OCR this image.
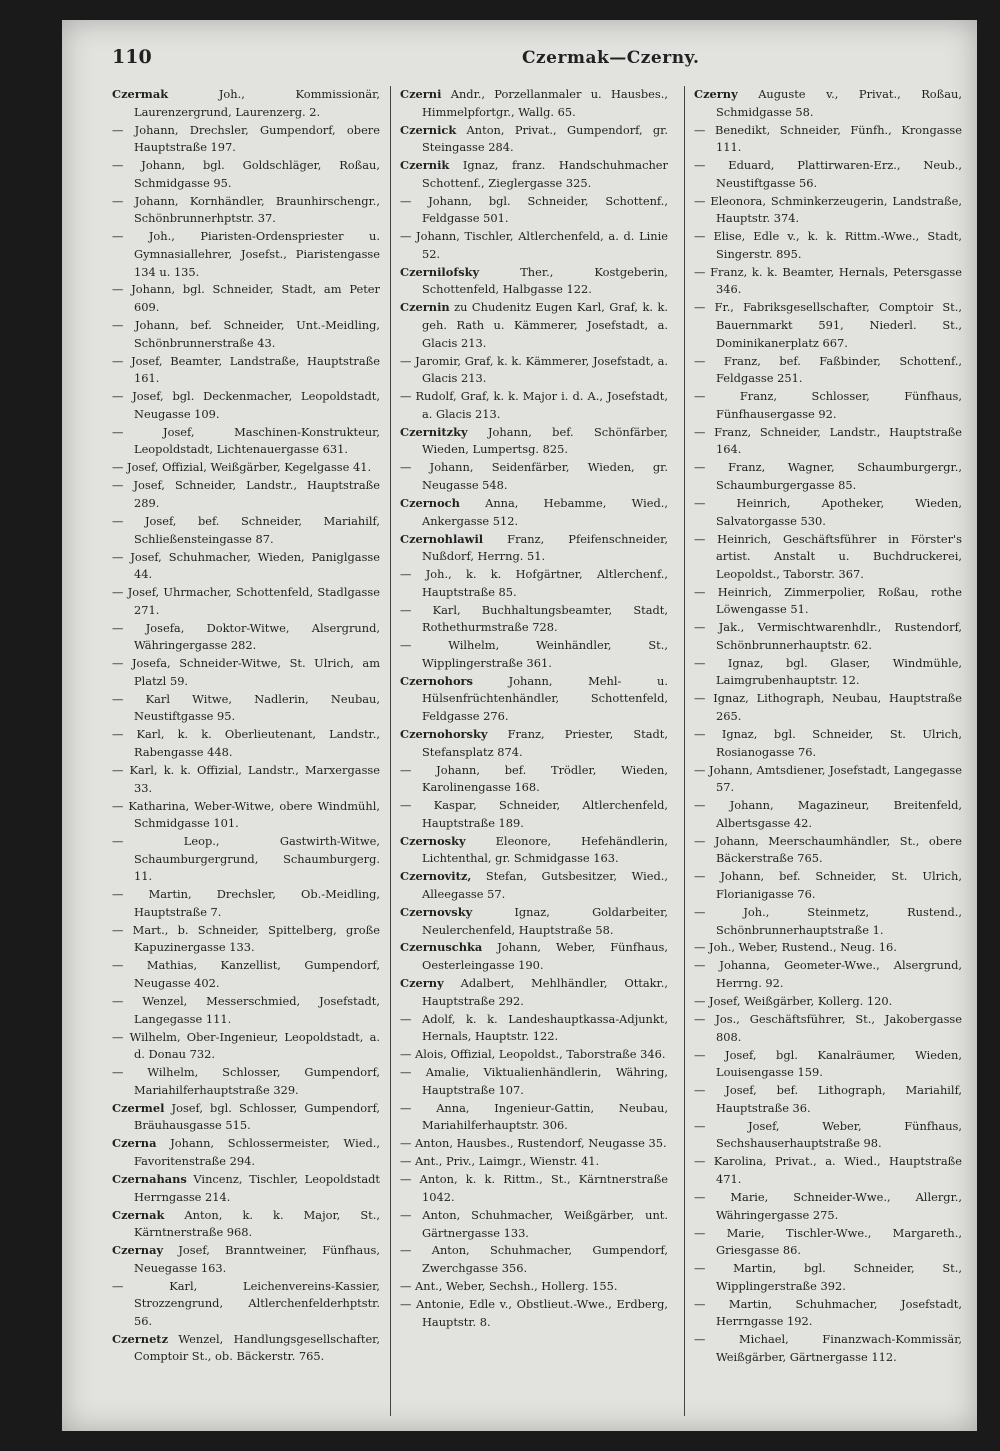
110	Czermak—Czerny.
Czermak Joh., Kommissionär, Laurenzergrund, Laurenzerg. 2.
— Johann, Drechsler, Gumpendorf, obere Hauptstraße 197.
— Johann, bgl. Goldschläger, Roßau, Schmidgasse 95.
— Johann, Kornhändler, Braunhirschengr., Schönbrunnerhptstr. 37.
— Joh., Piaristen-Ordenspriester u. Gymnasiallehrer, Josefst., Piaristengasse 134 u. 135.
— Johann, bgl. Schneider, Stadt, am Peter 609.
— Johann, bef. Schneider, Unt.-Meidling, Schönbrunnerstraße 43.
— Josef, Beamter, Landstraße, Hauptstraße 161.
— Josef, bgl. Deckenmacher, Leopoldstadt, Neugasse 109.
— Josef, Maschinen-Konstrukteur, Leopoldstadt, Lichtenauergasse 631.
— Josef, Offizial, Weißgärber, Kegelgasse 41.
— Josef, Schneider, Landstr., Hauptstraße 289.
— Josef, bef. Schneider, Mariahilf, Schließensteingasse 87.
— Josef, Schuhmacher, Wieden, Paniglgasse 44.
— Josef, Uhrmacher, Schottenfeld, Stadlgasse 271.
— Josefa, Doktor-Witwe, Alsergrund, Währingergasse 282.
— Josefa, Schneider-Witwe, St. Ulrich, am Platzl 59.
— Karl Witwe, Nadlerin, Neubau, Neustiftgasse 95.
— Karl, k. k. Oberlieutenant, Landstr., Rabengasse 448.
— Karl, k. k. Offizial, Landstr., Marxergasse 33.
— Katharina, Weber-Witwe, obere Windmühl, Schmidgasse 101.
— Leop., Gastwirth-Witwe, Schaumburgergrund, Schaumburgerg. 11.
— Martin, Drechsler, Ob.-Meidling, Hauptstraße 7.
— Mart., b. Schneider, Spittelberg, große Kapuzinergasse 133.
— Mathias, Kanzellist, Gumpendorf, Neugasse 402.
— Wenzel, Messerschmied, Josefstadt, Langegasse 111.
— Wilhelm, Ober-Ingenieur, Leopoldstadt, a. d. Donau 732.
— Wilhelm, Schlosser, Gumpendorf, Mariahilferhauptstraße 329.
Czermel Josef, bgl. Schlosser, Gumpendorf, Bräuhausgasse 515.
Czerna Johann, Schlossermeister, Wied., Favoritenstraße 294.
Czernahans Vincenz, Tischler, Leopoldstadt Herrngasse 214.
Czernak Anton, k. k. Major, St., Kärntnerstraße 968.
Czernay Josef, Branntweiner, Fünfhaus, Neuegasse 163.
— Karl, Leichenvereins-Kassier, Strozzengrund, Altlerchenfelderhptstr. 56.
Czernetz Wenzel, Handlungsgesellschafter, Comptoir St., ob. Bäckerstr. 765.
Czerni Andr., Porzellanmaler u. Hausbes., Himmelpfortgr., Wallg. 65.
Czernick Anton, Privat., Gumpendorf, gr. Steingasse 284.
Czernik Ignaz, franz. Handschuhmacher Schottenf., Zieglergasse 325.
— Johann, bgl. Schneider, Schottenf., Feldgasse 501.
— Johann, Tischler, Altlerchenfeld, a. d. Linie 52.
Czernilofsky Ther., Kostgeberin, Schottenfeld, Halbgasse 122.
Czernin zu Chudenitz Eugen Karl, Graf, k. k. geh. Rath u. Kämmerer, Josefstadt, a. Glacis 213.
— Jaromir, Graf, k. k. Kämmerer, Josefstadt, a. Glacis 213.
— Rudolf, Graf, k. k. Major i. d. A., Josefstadt, a. Glacis 213.
Czernitzky Johann, bef. Schönfärber, Wieden, Lumpertsg. 825.
— Johann, Seidenfärber, Wieden, gr. Neugasse 548.
Czernoch Anna, Hebamme, Wied., Ankergasse 512.
Czernohlawil Franz, Pfeifenschneider, Nußdorf, Herrng. 51.
— Joh., k. k. Hofgärtner, Altlerchenf., Hauptstraße 85.
— Karl, Buchhaltungsbeamter, Stadt, Rothethurmstraße 728.
— Wilhelm, Weinhändler, St., Wipplingerstraße 361.
Czernohors Johann, Mehl- u. Hülsenfrüchtenhändler, Schottenfeld, Feldgasse 276.
Czernohorsky Franz, Priester, Stadt, Stefansplatz 874.
— Johann, bef. Trödler, Wieden, Karolinengasse 168.
— Kaspar, Schneider, Altlerchenfeld, Hauptstraße 189.
Czernosky Eleonore, Hefehändlerin, Lichtenthal, gr. Schmidgasse 163.
Czernovitz, Stefan, Gutsbesitzer, Wied., Alleegasse 57.
Czernovsky Ignaz, Goldarbeiter, Neulerchenfeld, Hauptstraße 58.
Czernuschka Johann, Weber, Fünfhaus, Oesterleingasse 190.
Czerny Adalbert, Mehlhändler, Ottakr., Hauptstraße 292.
— Adolf, k. k. Landeshauptkassa-Adjunkt, Hernals, Hauptstr. 122.
— Alois, Offizial, Leopoldst., Taborstraße 346.
— Amalie, Viktualienhändlerin, Währing, Hauptstraße 107.
— Anna, Ingenieur-Gattin, Neubau, Mariahilferhauptstr. 306.
— Anton, Hausbes., Rustendorf, Neugasse 35.
— Ant., Priv., Laimgr., Wienstr. 41.
— Anton, k. k. Rittm., St., Kärntnerstraße 1042.
— Anton, Schuhmacher, Weißgärber, unt. Gärtnergasse 133.
— Anton, Schuhmacher, Gumpendorf, Zwerchgasse 356.
— Ant., Weber, Sechsh., Hollerg. 155.
— Antonie, Edle v., Obstlieut.-Wwe., Erdberg, Hauptstr. 8.
Czerny Auguste v., Privat., Roßau, Schmidgasse 58.
— Benedikt, Schneider, Fünfh., Krongasse 111.
— Eduard, Plattirwaren-Erz., Neub., Neustiftgasse 56.
— Eleonora, Schminkerzeugerin, Landstraße, Hauptstr. 374.
— Elise, Edle v., k. k. Rittm.-Wwe., Stadt, Singerstr. 895.
— Franz, k. k. Beamter, Hernals, Petersgasse 346.
— Fr., Fabriksgesellschafter, Comptoir St., Bauernmarkt 591, Niederl. St., Dominikanerplatz 667.
— Franz, bef. Faßbinder, Schottenf., Feldgasse 251.
— Franz, Schlosser, Fünfhaus, Fünfhausergasse 92.
— Franz, Schneider, Landstr., Hauptstraße 164.
— Franz, Wagner, Schaumburgergr., Schaumburgergasse 85.
— Heinrich, Apotheker, Wieden, Salvatorgasse 530.
— Heinrich, Geschäftsführer in Förster's artist. Anstalt u. Buchdruckerei, Leopoldst., Taborstr. 367.
— Heinrich, Zimmerpolier, Roßau, rothe Löwengasse 51.
— Jak., Vermischtwarenhdlr., Rustendorf, Schönbrunnerhauptstr. 62.
— Ignaz, bgl. Glaser, Windmühle, Laimgrubenhauptstr. 12.
— Ignaz, Lithograph, Neubau, Hauptstraße 265.
— Ignaz, bgl. Schneider, St. Ulrich, Rosianogasse 76.
— Johann, Amtsdiener, Josefstadt, Langegasse 57.
— Johann, Magazineur, Breitenfeld, Albertsgasse 42.
— Johann, Meerschaumhändler, St., obere Bäckerstraße 765.
— Johann, bef. Schneider, St. Ulrich, Florianigasse 76.
— Joh., Steinmetz, Rustend., Schönbrunnerhauptstraße 1.
— Joh., Weber, Rustend., Neug. 16.
— Johanna, Geometer-Wwe., Alsergrund, Herrng. 92.
— Josef, Weißgärber, Kollerg. 120.
— Jos., Geschäftsführer, St., Jakobergasse 808.
— Josef, bgl. Kanalräumer, Wieden, Louisengasse 159.
— Josef, bef. Lithograph, Mariahilf, Hauptstraße 36.
— Josef, Weber, Fünfhaus, Sechshauserhauptstraße 98.
— Karolina, Privat., a. Wied., Hauptstraße 471.
— Marie, Schneider-Wwe., Allergr., Währingergasse 275.
— Marie, Tischler-Wwe., Margareth., Griesgasse 86.
— Martin, bgl. Schneider, St., Wipplingerstraße 392.
— Martin, Schuhmacher, Josefstadt, Herrngasse 192.
— Michael, Finanzwach-Kommissär, Weißgärber, Gärtnergasse 112.
